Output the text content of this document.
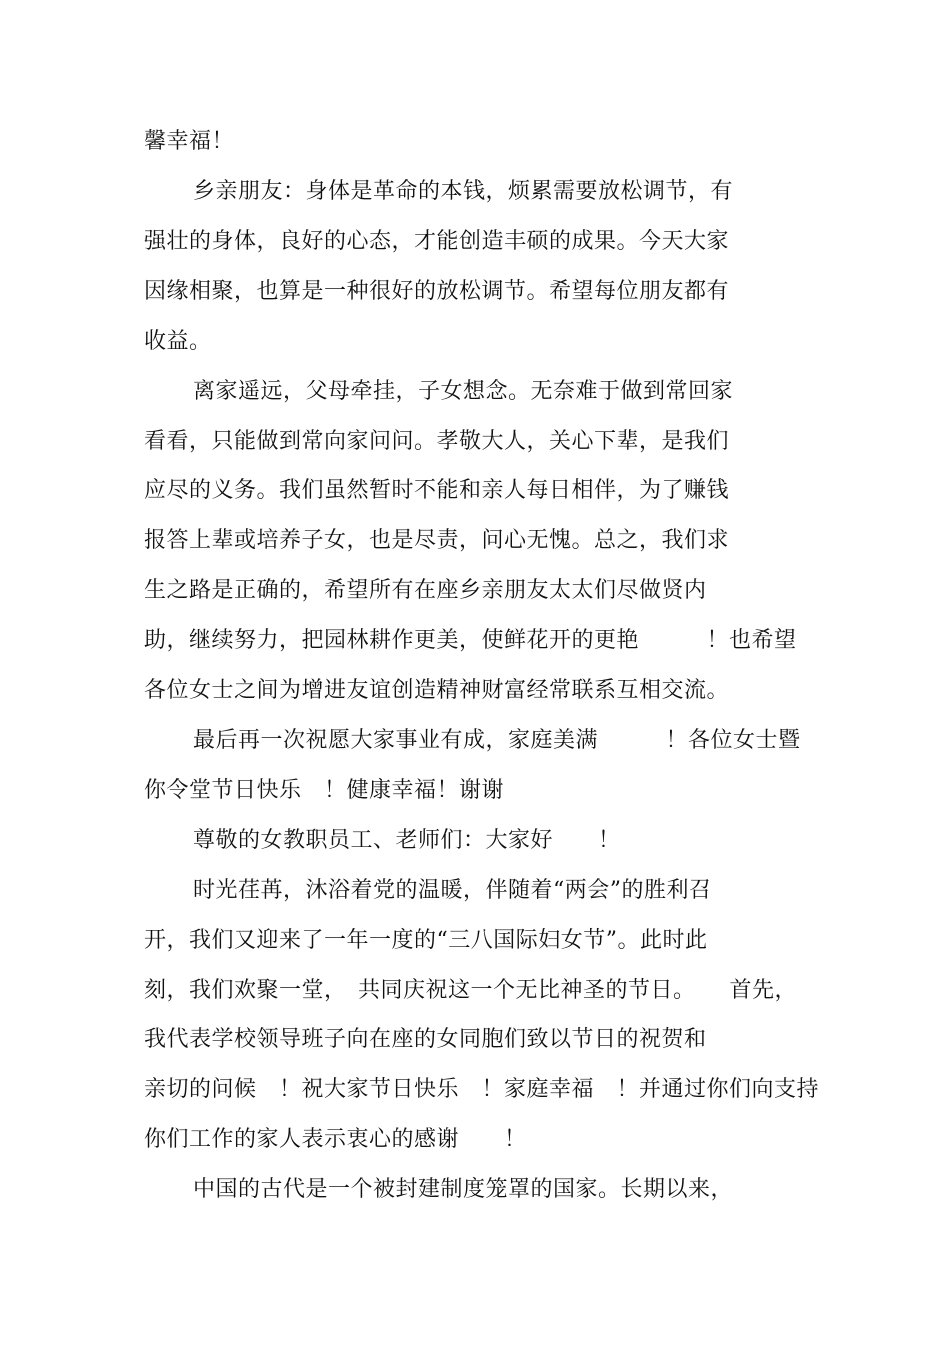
馨幸福！
乡亲朋友：身体是革命的本钱，烦累需要放松调节，有
强壮的身体，良好的心态，才能创造丰硕的成果。今天大家
因缘相聚，也算是一种很好的放松调节。希望每位朋友都有
收益。
离家遥远，父母牵挂，子女想念。无奈难于做到常回家
看看，只能做到常向家问问。孝敬大人，关心下辈，是我们
应尽的义务。我们虽然暂时不能和亲人每日相伴，为了赚钱
报答上辈或培养子女，也是尽责，问心无愧。总之，我们求
生之路是正确的，希望所有在座乡亲朋友太太们尽做贤内
助，继续努力，把园林耕作更美，使鲜花开的更艳　　　！也希望
各位女士之间为增进友谊创造精神财富经常联系互相交流。
最后再一次祝愿大家事业有成，家庭美满　　　！各位女士暨
你令堂节日快乐　！健康幸福！谢谢
尊敬的女教职员工、老师们：大家好　　！
时光荏苒，沐浴着党的温暖，伴随着“两会”的胜利召
开，我们又迎来了一年一度的“三八国际妇女节”。此时此
刻，我们欢聚一堂，　共同庆祝这一个无比神圣的节日。　　首先，
我代表学校领导班子向在座的女同胞们致以节日的祝贺和
亲切的问候　！祝大家节日快乐　！家庭幸福　！并通过你们向支持
你们工作的家人表示衷心的感谢　　！
中国的古代是一个被封建制度笼罩的国家。长期以来，
